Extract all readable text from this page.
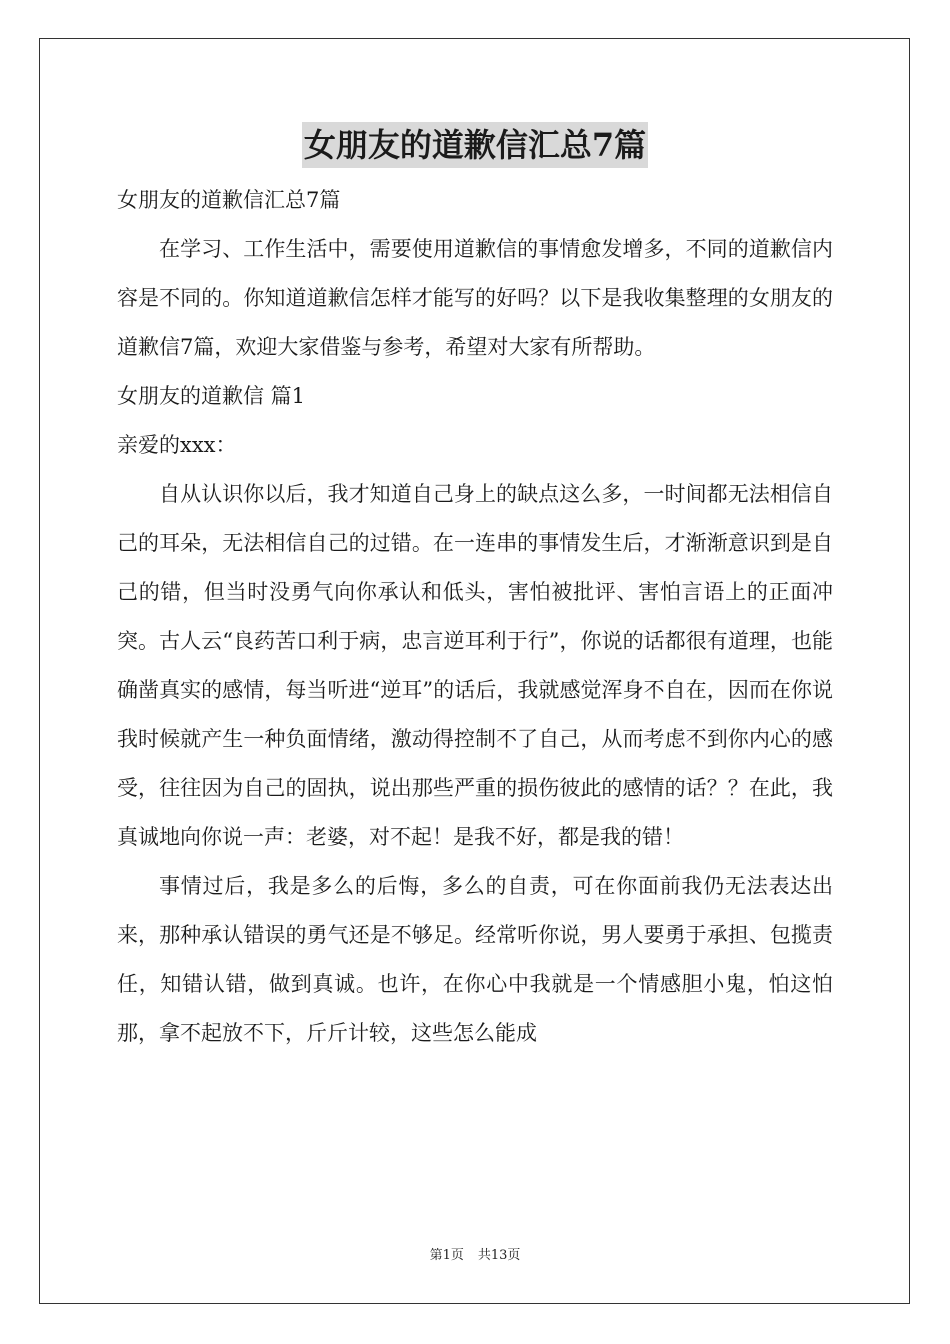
女朋友的道歉信汇总7篇

女朋友的道歉信汇总7篇

在学习、工作生活中，需要使用道歉信的事情愈发增多，不同的道歉信内容是不同的。你知道道歉信怎样才能写的好吗？以下是我收集整理的女朋友的道歉信7篇，欢迎大家借鉴与参考，希望对大家有所帮助。

女朋友的道歉信 篇1

亲爱的xxx：

自从认识你以后，我才知道自己身上的缺点这么多，一时间都无法相信自己的耳朵，无法相信自己的过错。在一连串的事情发生后，才渐渐意识到是自己的错，但当时没勇气向你承认和低头，害怕被批评、害怕言语上的正面冲突。古人云“良药苦口利于病，忠言逆耳利于行”，你说的话都很有道理，也能确凿真实的感情，每当听进“逆耳”的话后，我就感觉浑身不自在，因而在你说我时候就产生一种负面情绪，激动得控制不了自己，从而考虑不到你内心的感受，往往因为自己的固执，说出那些严重的损伤彼此的感情的话？？在此，我真诚地向你说一声：老婆，对不起！是我不好，都是我的错！

事情过后，我是多么的后悔，多么的自责，可在你面前我仍无法表达出来，那种承认错误的勇气还是不够足。经常听你说，男人要勇于承担、包揽责任，知错认错，做到真诚。也许，在你心中我就是一个情感胆小鬼，怕这怕那，拿不起放不下，斤斤计较，这些怎么能成

第1页 共13页
